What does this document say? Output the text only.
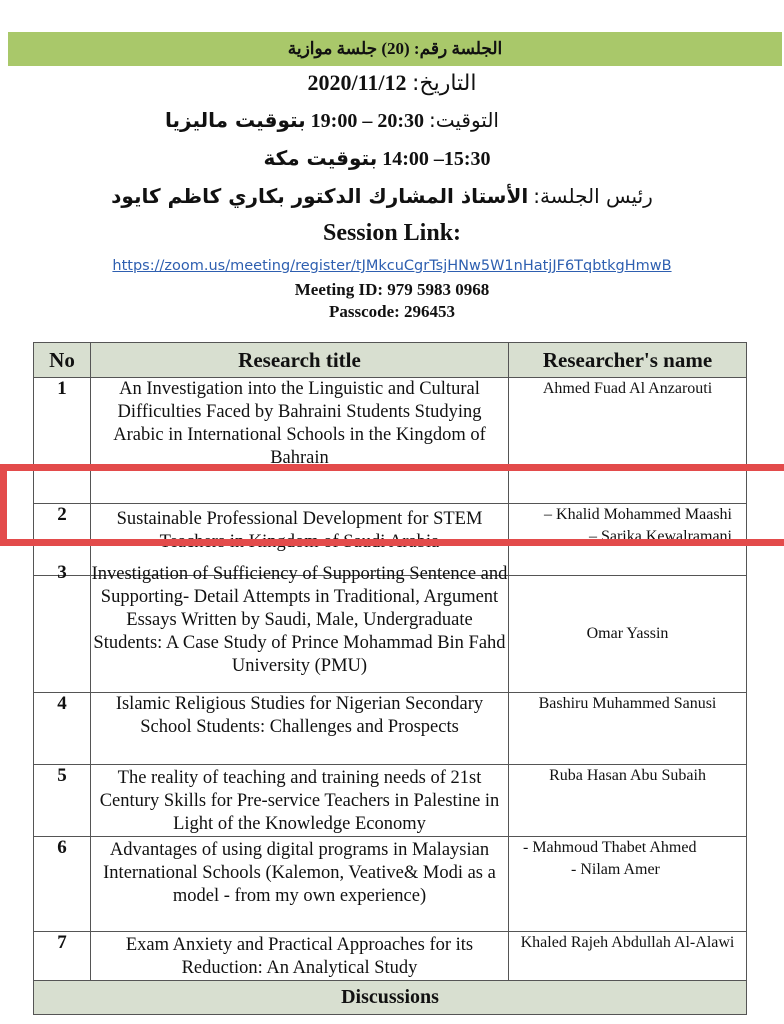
الجلسة رقم: (20) جلسة موازية
التاريخ: 2020/11/12
التوقيت: 19:00 – 20:30 بتوقيت ماليزيا
14:00 –15:30 بتوقيت مكة
رئيس الجلسة: الأستاذ المشارك الدكتور بكاري كاظم كايود
Session Link:
https://zoom.us/meeting/register/tJMkcuCgrTsjHNw5W1nHatjJF6TqbtkgHmwB
Meeting ID: 979 5983 0968
Passcode: 296453
No	Research title	Researcher's name
1	An Investigation into the Linguistic and Cultural Difficulties Faced by Bahraini Students Studying Arabic in International Schools in the Kingdom of Bahrain	Ahmed Fuad Al Anzarouti

2	Sustainable Professional Development for STEM Teachers in Kingdom of Saudi Arabia	– Khalid Mohammed Maashi
– Sarika Kewalramani

3	Investigation of Sufficiency of Supporting Sentence and Supporting- Detail Attempts in Traditional, Argument Essays Written by Saudi, Male, Undergraduate Students: A Case Study of Prince Mohammad Bin Fahd University (PMU)	Omar Yassin

4	Islamic Religious Studies for Nigerian Secondary School Students: Challenges and Prospects	Bashiru Muhammed Sanusi

5	The reality of teaching and training needs of 21st Century Skills for Pre-service Teachers in Palestine in Light of the Knowledge Economy	Ruba Hasan Abu Subaih

6	Advantages of using digital programs in Malaysian International Schools (Kalemon, Veative& Modi as a model - from my own experience)	- Mahmoud Thabet Ahmed
- Nilam Amer

7	Exam Anxiety and Practical Approaches for its Reduction: An Analytical Study	Khaled Rajeh Abdullah Al-Alawi

Discussions		
